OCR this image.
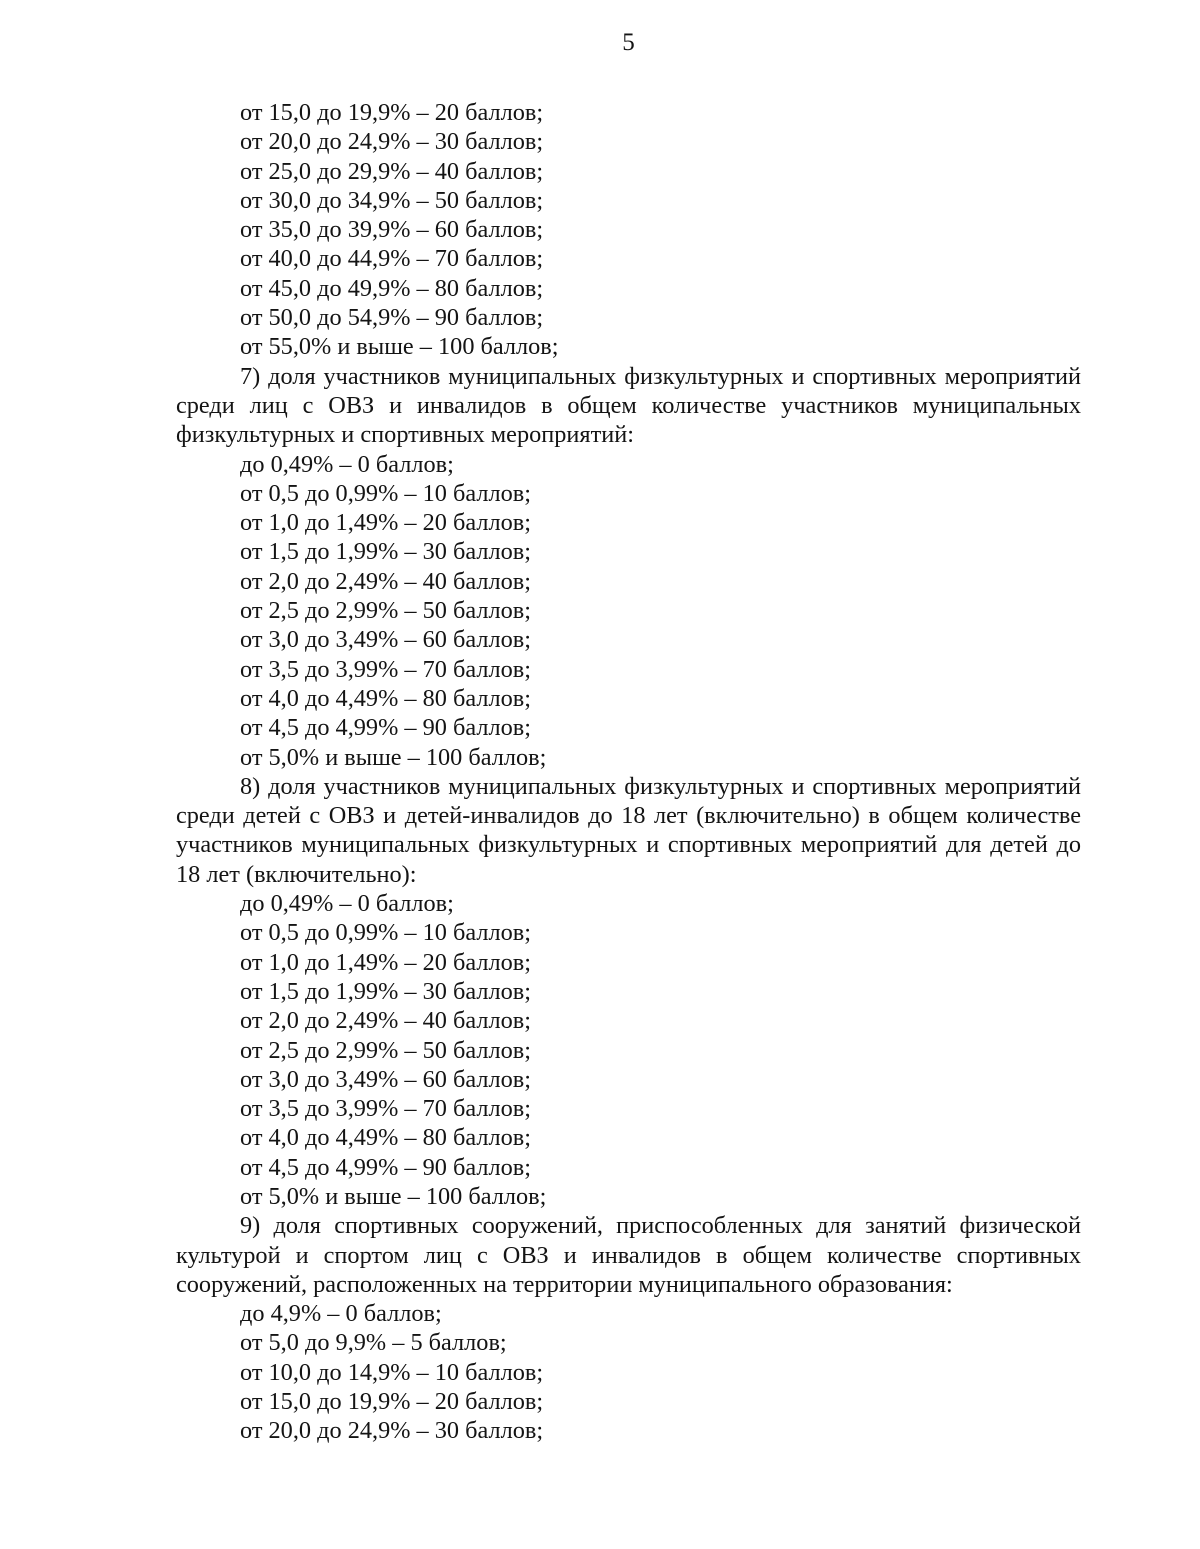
5
от 15,0 до 19,9% – 20 баллов;
от 20,0 до 24,9% – 30 баллов;
от 25,0 до 29,9% – 40 баллов;
от 30,0 до 34,9% – 50 баллов;
от 35,0 до 39,9% – 60 баллов;
от 40,0 до 44,9% – 70 баллов;
от 45,0 до 49,9% – 80 баллов;
от 50,0 до 54,9% – 90 баллов;
от 55,0% и выше – 100 баллов;
7) доля участников муниципальных физкультурных и спортивных мероприятий среди лиц с ОВЗ и инвалидов в общем количестве участников муниципальных физкультурных и спортивных мероприятий:
до 0,49% – 0 баллов;
от 0,5 до 0,99% – 10 баллов;
от 1,0 до 1,49% – 20 баллов;
от 1,5 до 1,99% – 30 баллов;
от 2,0 до 2,49% – 40 баллов;
от 2,5 до 2,99% – 50 баллов;
от 3,0 до 3,49% – 60 баллов;
от 3,5 до 3,99% – 70 баллов;
от 4,0 до 4,49% – 80 баллов;
от 4,5 до 4,99% – 90 баллов;
от 5,0% и выше – 100 баллов;
8) доля участников муниципальных физкультурных и спортивных мероприятий среди детей с ОВЗ и детей-инвалидов до 18 лет (включительно) в общем количестве участников муниципальных физкультурных и спортивных мероприятий для детей до 18 лет (включительно):
до 0,49% – 0 баллов;
от 0,5 до 0,99% – 10 баллов;
от 1,0 до 1,49% – 20 баллов;
от 1,5 до 1,99% – 30 баллов;
от 2,0 до 2,49% – 40 баллов;
от 2,5 до 2,99% – 50 баллов;
от 3,0 до 3,49% – 60 баллов;
от 3,5 до 3,99% – 70 баллов;
от 4,0 до 4,49% – 80 баллов;
от 4,5 до 4,99% – 90 баллов;
от 5,0% и выше – 100 баллов;
9) доля спортивных сооружений, приспособленных для занятий физической культурой и спортом лиц с ОВЗ и инвалидов в общем количестве спортивных сооружений, расположенных на территории муниципального образования:
до 4,9% – 0 баллов;
от 5,0 до 9,9% – 5 баллов;
от 10,0 до 14,9% – 10 баллов;
от 15,0 до 19,9% – 20 баллов;
от 20,0 до 24,9% – 30 баллов;
